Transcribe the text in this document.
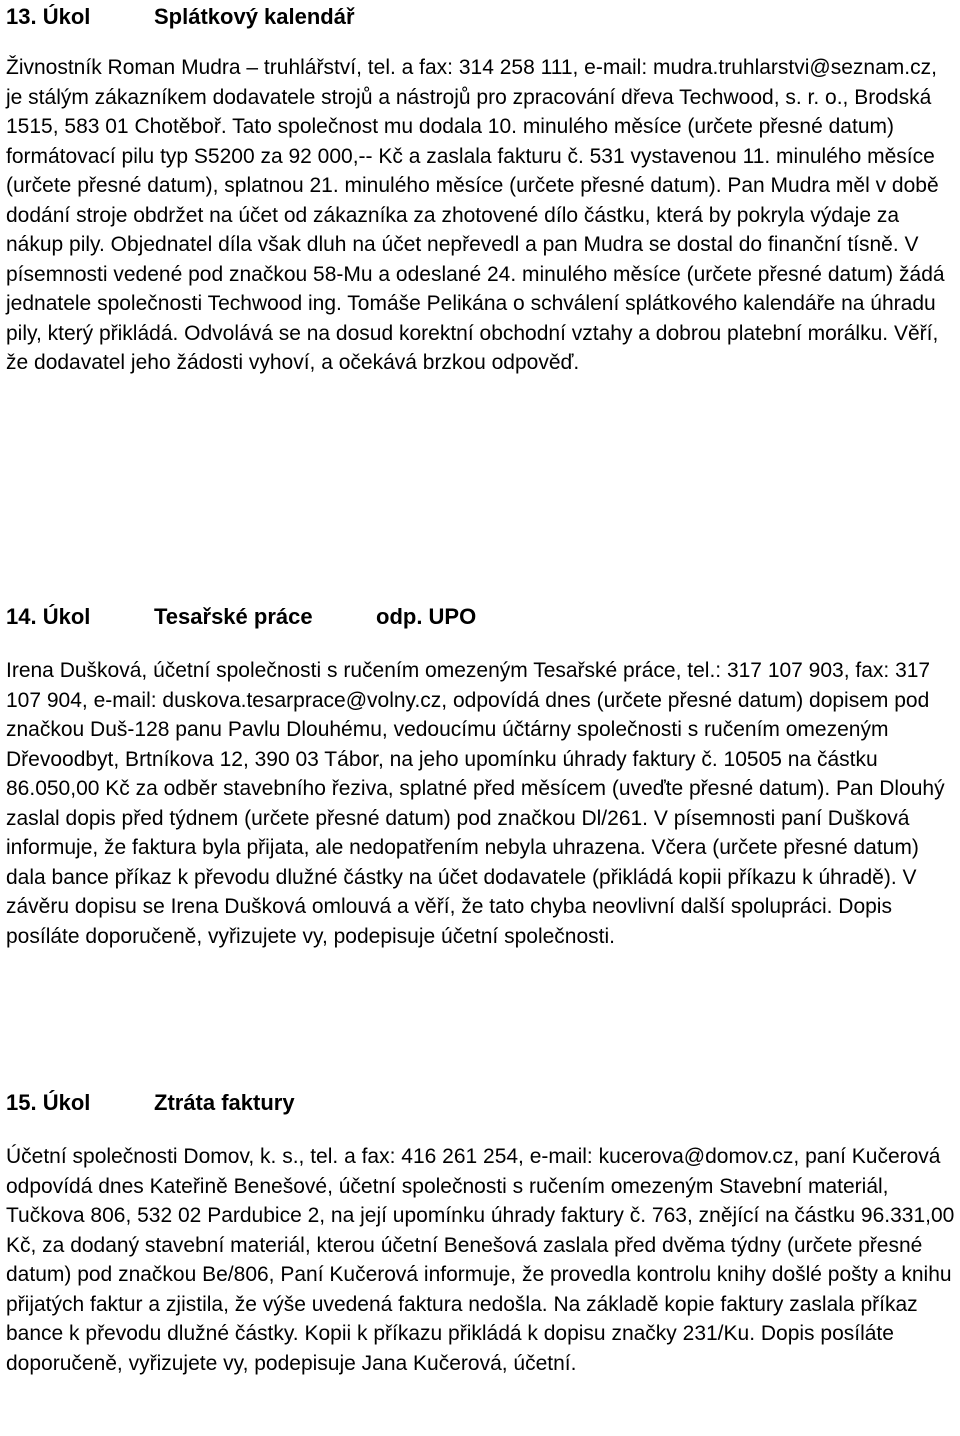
13. Úkol	Splátkový kalendář

Živnostník Roman Mudra – truhlářství, tel. a fax: 314 258 111, e-mail: mudra.truhlarstvi@seznam.cz, je stálým zákazníkem dodavatele strojů a nástrojů pro zpracování dřeva Techwood, s. r. o., Brodská 1515, 583 01 Chotěboř. Tato společnost mu dodala 10. minulého měsíce (určete přesné datum) formátovací pilu typ S5200 za 92 000,-- Kč a zaslala fakturu č. 531 vystavenou 11. minulého měsíce (určete přesné datum), splatnou 21. minulého měsíce (určete přesné datum). Pan Mudra měl v době dodání stroje obdržet na účet od zákazníka za zhotovené dílo částku, která by pokryla výdaje za nákup pily. Objednatel díla však dluh na účet nepřevedl a pan Mudra se dostal do finanční tísně. V písemnosti vedené pod značkou 58-Mu a odeslané 24. minulého měsíce (určete přesné datum) žádá jednatele společnosti Techwood ing. Tomáše Pelikána o schválení splátkového kalendáře na úhradu pily, který přikládá. Odvolává se na dosud korektní obchodní vztahy a dobrou platební morálku. Věří, že dodavatel jeho žádosti vyhoví, a očekává brzkou odpověď.

14. Úkol	Tesařské práce	odp. UPO

Irena Dušková, účetní společnosti s ručením omezeným Tesařské práce, tel.: 317 107 903, fax: 317 107 904, e-mail: duskova.tesarprace@volny.cz, odpovídá dnes (určete přesné datum) dopisem pod značkou Duš-128 panu Pavlu Dlouhému, vedoucímu účtárny společnosti s ručením omezeným Dřevoodbyt, Brtníkova 12, 390 03 Tábor, na jeho upomínku úhrady faktury č. 10505 na částku 86.050,00 Kč za odběr stavebního řeziva, splatné před měsícem (uveďte přesné datum). Pan Dlouhý zaslal dopis před týdnem (určete přesné datum) pod značkou Dl/261. V písemnosti paní Dušková informuje, že faktura byla přijata, ale nedopatřením nebyla uhrazena. Včera (určete přesné datum) dala bance příkaz k převodu dlužné částky na účet dodavatele (přikládá kopii příkazu k úhradě). V závěru dopisu se Irena Dušková omlouvá a věří, že tato chyba neovlivní další spolupráci. Dopis posíláte doporučeně, vyřizujete vy, podepisuje účetní společnosti.

15. Úkol	Ztráta faktury

Účetní společnosti Domov, k. s., tel. a fax: 416 261 254, e-mail: kucerova@domov.cz, paní Kučerová odpovídá dnes Kateřině Benešové, účetní společnosti s ručením omezeným Stavební materiál, Tučkova 806, 532 02 Pardubice 2, na její upomínku úhrady faktury č. 763, znějící na částku 96.331,00 Kč, za dodaný stavební materiál, kterou účetní Benešová zaslala před dvěma týdny (určete přesné datum) pod značkou Be/806, Paní Kučerová informuje, že provedla kontrolu knihy došlé pošty a knihu přijatých faktur a zjistila, že výše uvedená faktura nedošla. Na základě kopie faktury zaslala příkaz bance k převodu dlužné částky. Kopii k příkazu přikládá k dopisu značky 231/Ku. Dopis posíláte doporučeně, vyřizujete vy, podepisuje Jana Kučerová, účetní.
